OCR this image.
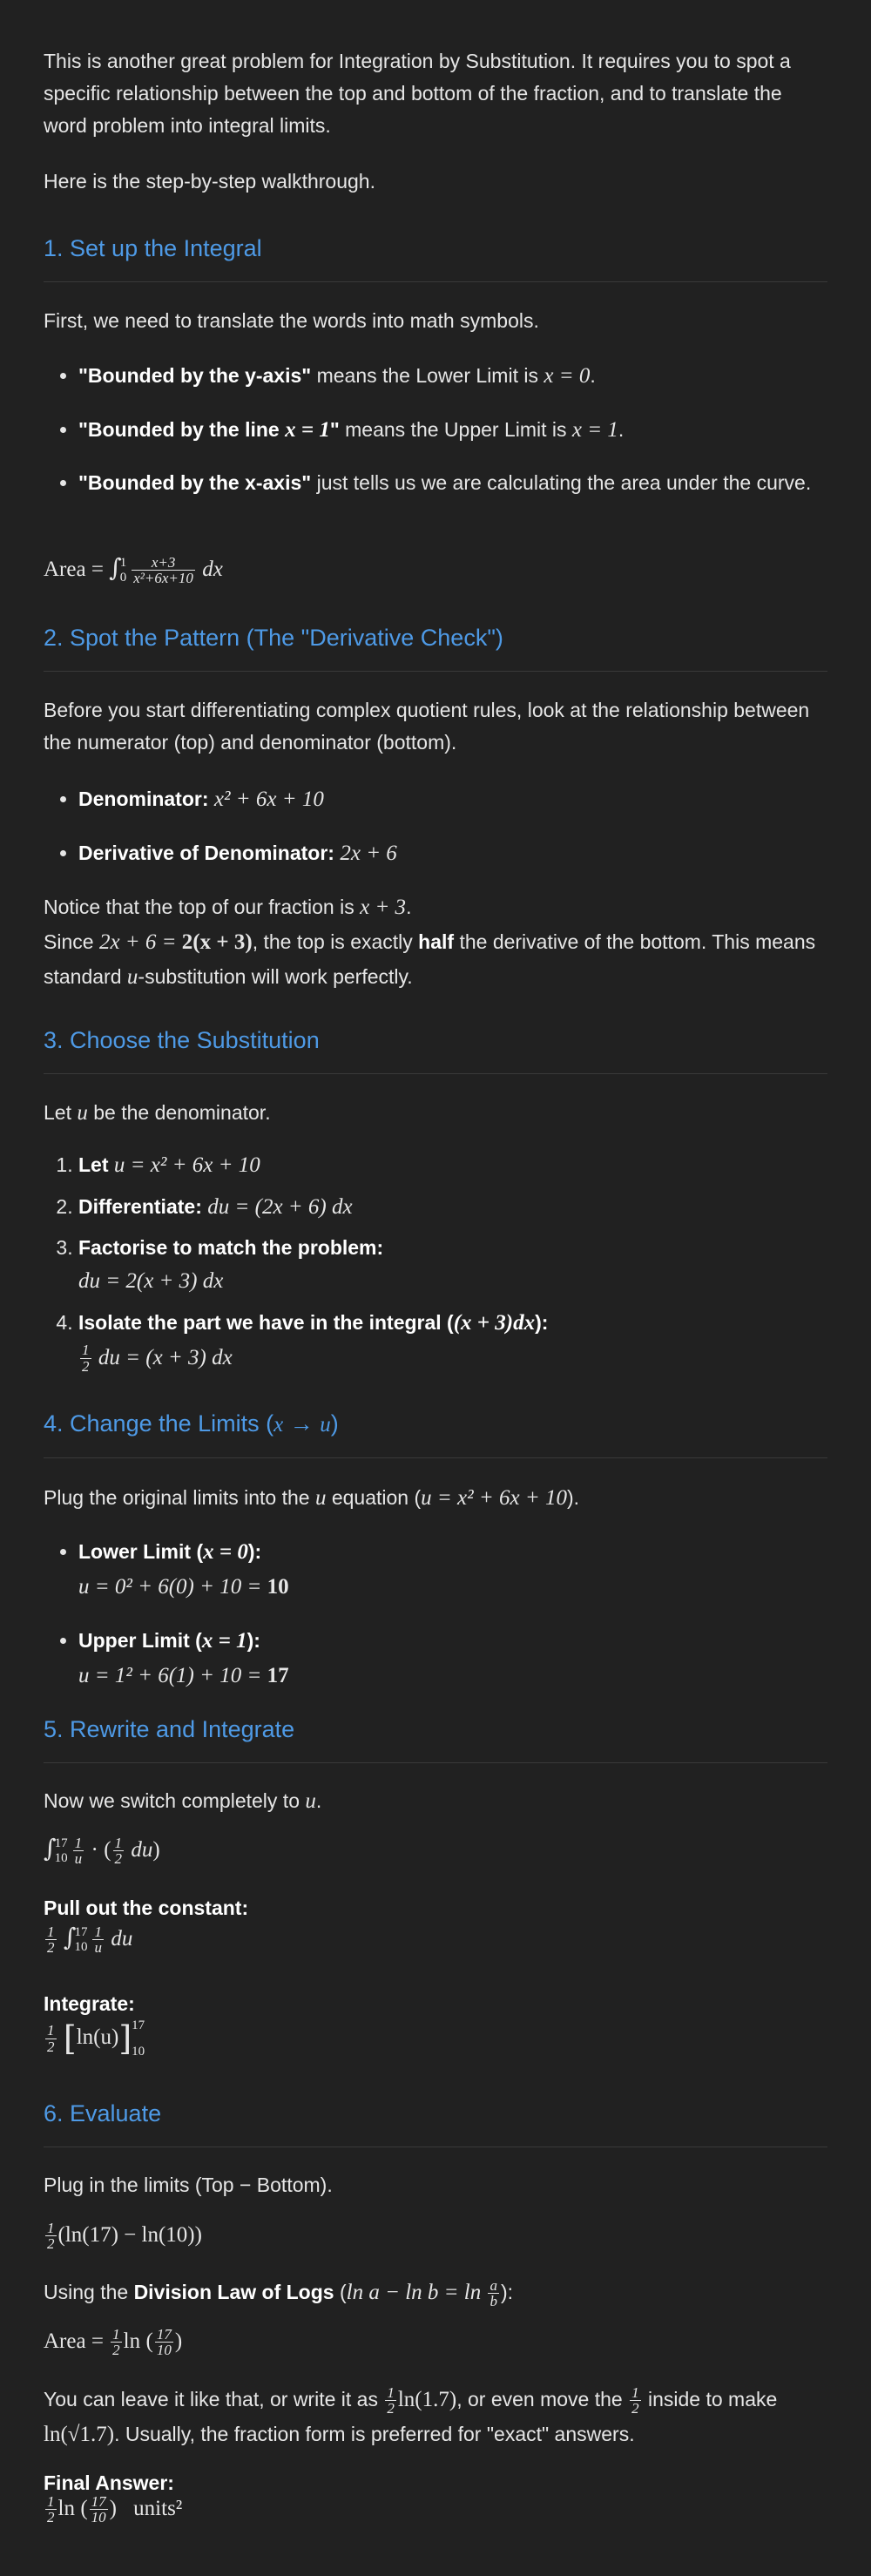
This is another great problem for Integration by Substitution. It requires you to spot a specific relationship between the top and bottom of the fraction, and to translate the word problem into integral limits.

Here is the step-by-step walkthrough.

1. Set up the Integral

First, we need to translate the words into math symbols.

• "Bounded by the y-axis" means the Lower Limit is x = 0.
• "Bounded by the line x = 1" means the Upper Limit is x = 1.
• "Bounded by the x-axis" just tells us we are calculating the area under the curve.
Area = ∫
1
$0 \frac{x+3}{\text{x²+6x+10}}$ dx
2. Spot the Pattern (The "Derivative Check")

Before you start differentiating complex quotient rules, look at the relationship between the numerator (top) and denominator (bottom).

• Denominator: x² + 6x + 10
• Derivative of Denominator: 2x + 6

Notice that the top of our fraction is x + 3.
Since 2x + 6 = 2(x + 3), the top is exactly half the derivative of the bottom. This means standard u-substitution will work perfectly.

3. Choose the Substitution

Let u be the denominator.

1. Let u = x² + 6x + 10
2. Differentiate: du = (2x + 6) dx
3. Factorise to match the problem:
du = 2(x + 3) dx
4. Isolate the part we have in the integral ((x + 3)dx):

$\frac{1}{2}$ du = (x + 3) dx
4. Change the Limits (x → u)

Plug the original limits into the u equation (u = x² + 6x + 10).

• Lower Limit (x = 0):
u = 0² + 6(0) + 10 = 10
• Upper Limit (x = 1):
u = 1² + 6(1) + 10 = 17
5. Rewrite and Integrate

Now we switch completely to u.

∫
17
$10 \frac{1}{u}$ · ( $\frac{1}{2} du$)
Pull out the constant:
$\frac{1}{2}$ ∫
17
$10 \frac{1}{u}$ du
Integrate:
$\frac{1}{2} [\ln(u)]$ 17
10
6. Evaluate

Plug in the limits (Top − Bottom).

$\frac{1}{2} (\ln(17) - \ln(10))$

Using the Division Law of Logs (ln $a - \ln b = \ln \frac{a}{b}$ ):

Area = $\frac{1}{2}$ ln ( $\frac{17}{10}$ )

You can leave it like that, or write it as $\frac{1}{2} \ln(1.7)$, or even move the $\frac{1}{2}$ inside to make ln(√1.7). Usually, the fraction form is preferred for "exact" answers.

Final Answer:
$\frac{1}{2}$ ln ( $\frac{17}{10}$ ) units²
